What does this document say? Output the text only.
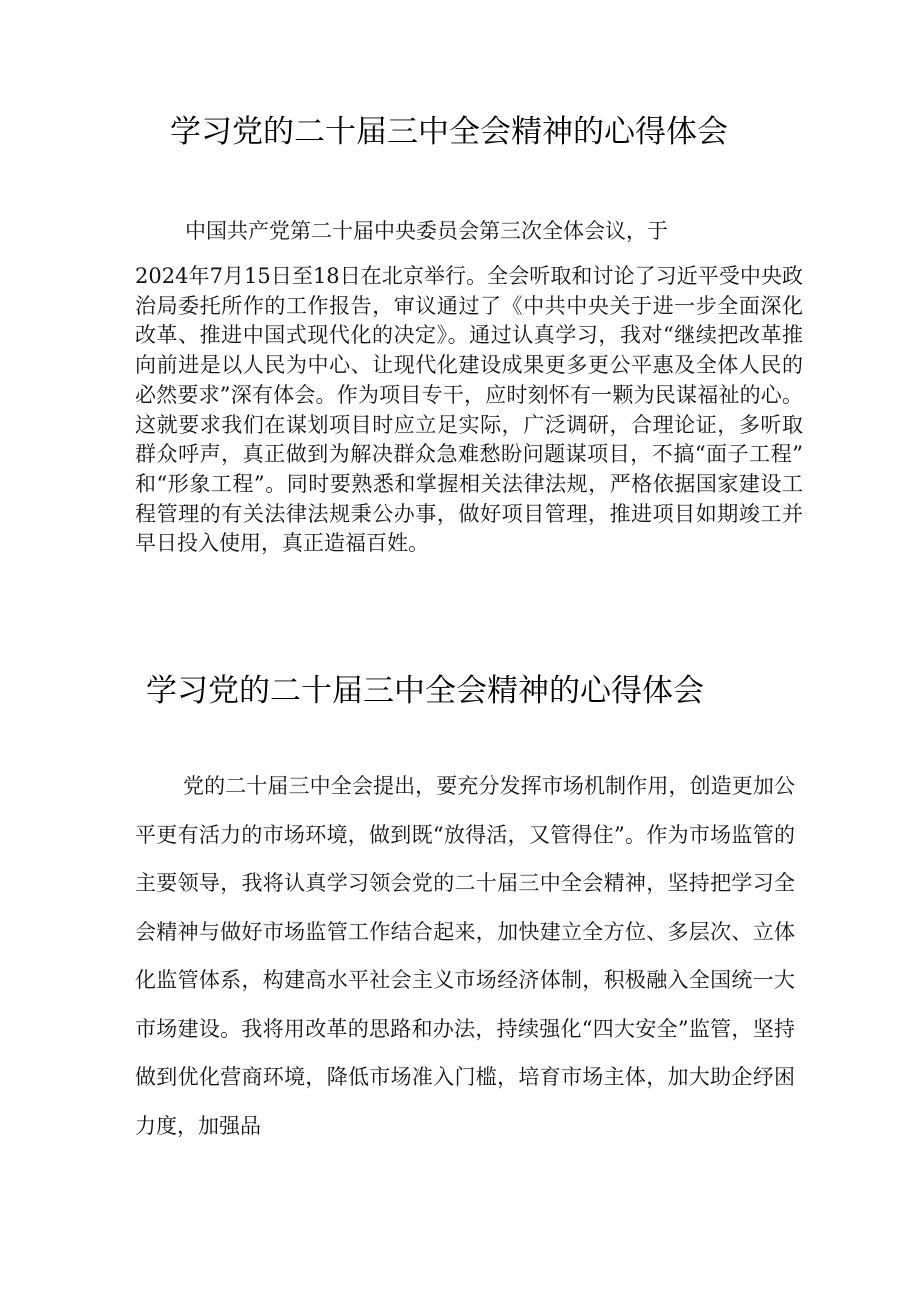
学习党的二十届三中全会精神的心得体会

中国共产党第二十届中央委员会第三次全体会议，于

2024年7月15日至18日在北京举行。全会听取和讨论了习近平受中央政治局委托所作的工作报告，审议通过了《中共中央关于进一步全面深化改革、推进中国式现代化的决定》。通过认真学习，我对“继续把改革推向前进是以人民为中心、让现代化建设成果更多更公平惠及全体人民的必然要求”深有体会。作为项目专干，应时刻怀有一颗为民谋福祉的心。这就要求我们在谋划项目时应立足实际，广泛调研，合理论证，多听取群众呼声，真正做到为解决群众急难愁盼问题谋项目，不搞“面子工程”和“形象工程”。同时要熟悉和掌握相关法律法规，严格依据国家建设工程管理的有关法律法规秉公办事，做好项目管理，推进项目如期竣工并早日投入使用，真正造福百姓。

学习党的二十届三中全会精神的心得体会

党的二十届三中全会提出，要充分发挥市场机制作用，创造更加公平更有活力的市场环境，做到既“放得活，又管得住”。作为市场监管的主要领导，我将认真学习领会党的二十届三中全会精神，坚持把学习全会精神与做好市场监管工作结合起来，加快建立全方位、多层次、立体化监管体系，构建高水平社会主义市场经济体制，积极融入全国统一大市场建设。我将用改革的思路和办法，持续强化“四大安全”监管，坚持做到优化营商环境，降低市场准入门槛，培育市场主体，加大助企纾困力度，加强品
